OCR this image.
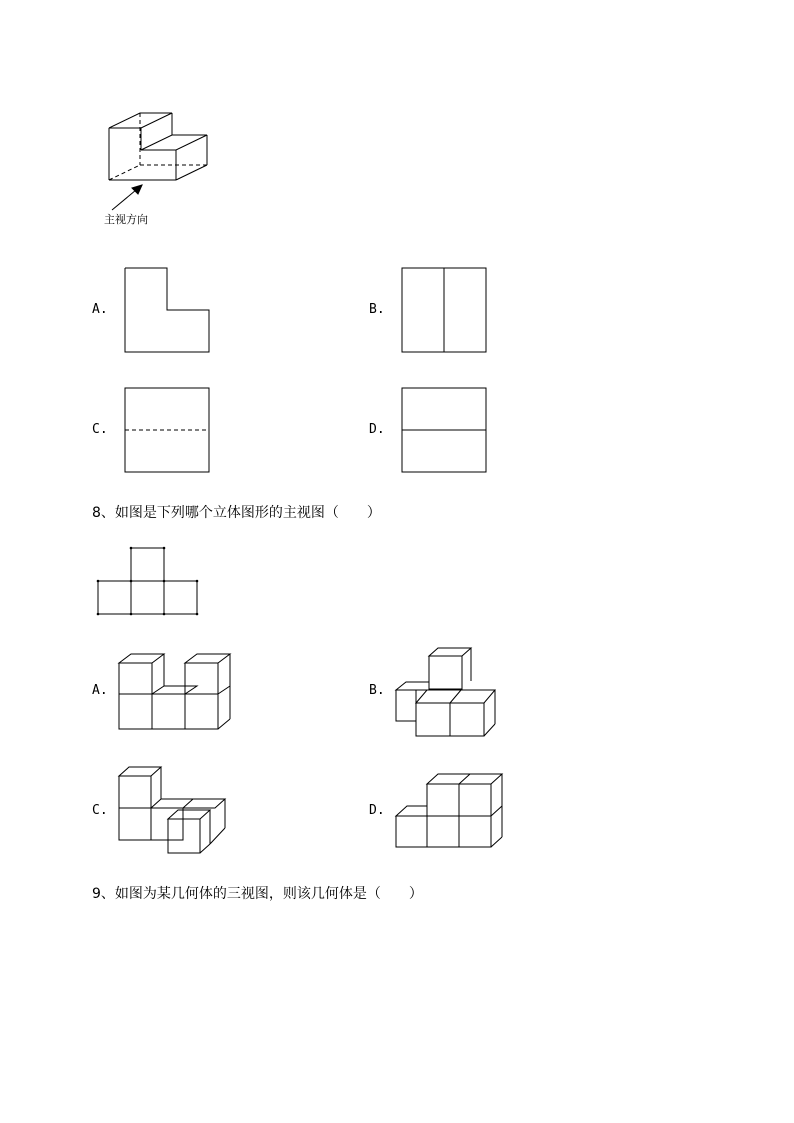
主视方向
A.	B.
C.	D.
8、如图是下列哪个立体图形的主视图（　　）
A.	B.
C.	D.
9、如图为某几何体的三视图，则该几何体是（　　）
